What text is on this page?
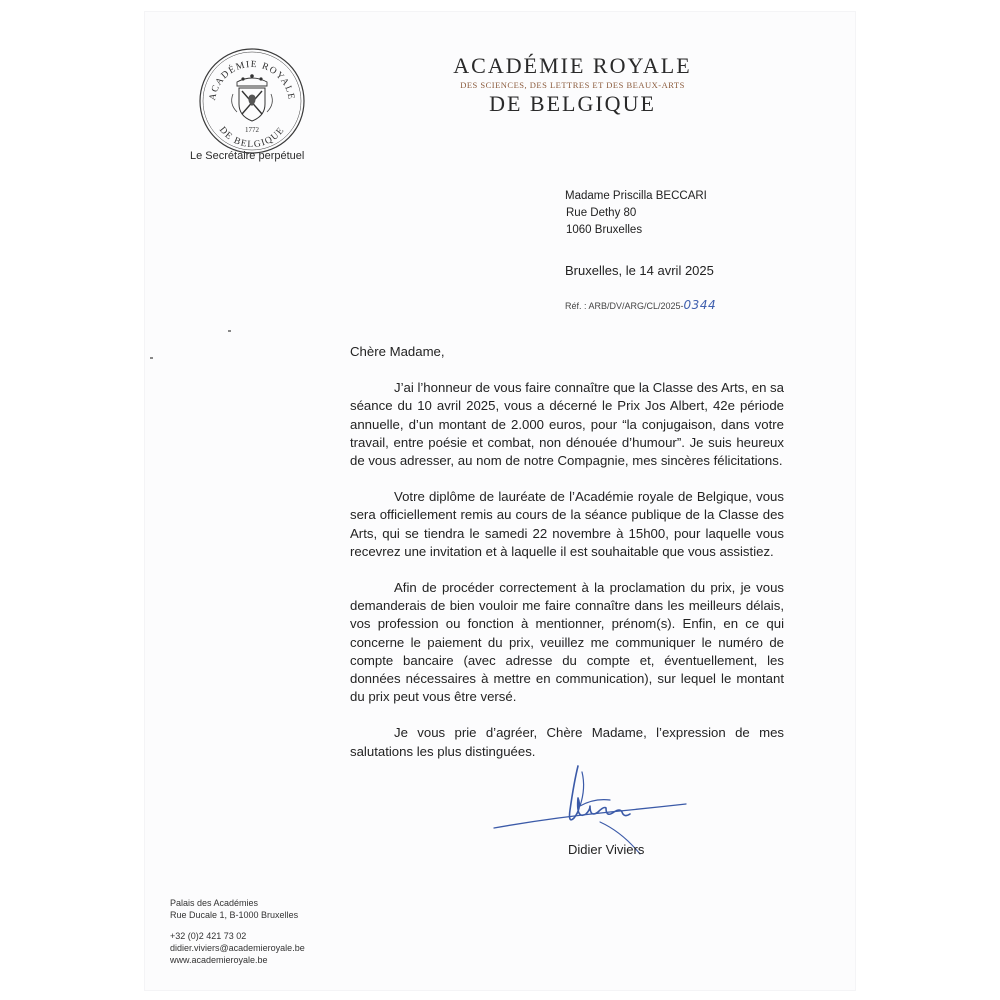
ACADÉMIE ROYALE
DE BELGIQUE
1772
Le Secrétaire perpétuel
ACADÉMIE ROYALE
DES SCIENCES, DES LETTRES ET DES BEAUX-ARTS
DE BELGIQUE
Madame Priscilla BECCARI
Rue Dethy 80
1060 Bruxelles
Bruxelles, le 14 avril 2025
Réf. : ARB/DV/ARG/CL/2025-0344

Chère Madame,

J’ai l’honneur de vous faire connaître que la Classe des Arts, en sa séance du 10 avril 2025, vous a décerné le Prix Jos Albert, 42e période annuelle, d’un montant de 2.000 euros, pour “la conjugaison, dans votre travail, entre poésie et combat, non dénouée d’humour”. Je suis heureux de vous adresser, au nom de notre Compagnie, mes sincères félicitations.

Votre diplôme de lauréate de l’Académie royale de Belgique, vous sera officiellement remis au cours de la séance publique de la Classe des Arts, qui se tiendra le samedi 22 novembre à 15h00, pour laquelle vous recevrez une invitation et à laquelle il est souhaitable que vous assistiez.

Afin de procéder correctement à la proclamation du prix, je vous demanderais de bien vouloir me faire connaître dans les meilleurs délais, vos profession ou fonction à mentionner, prénom(s). Enfin, en ce qui concerne le paiement du prix, veuillez me communiquer le numéro de compte bancaire (avec adresse du compte et, éventuellement, les données nécessaires à mettre en communication), sur lequel le montant du prix peut vous être versé.

Je vous prie d’agréer, Chère Madame, l’expression de mes salutations les plus distinguées.

Didier Viviers
Palais des Académies
Rue Ducale 1, B-1000 Bruxelles
+32 (0)2 421 73 02
didier.viviers@academieroyale.be
www.academieroyale.be
